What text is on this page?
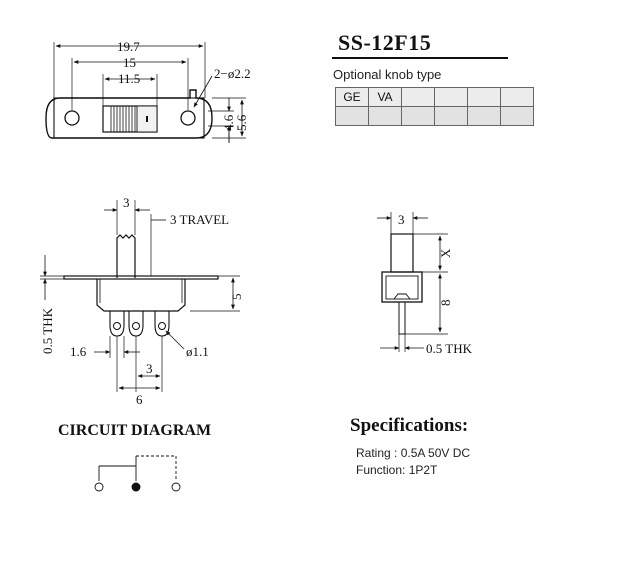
19.7
15
11.5	2−ø2.2
4.6
5.6
3
3 TRAVEL
5
0.5 THK 1.6	ø1.1
3
6
3
X
8
0.5 THK
SS-12F15
Optional knob type
GE	VA				

CIRCUIT DIAGRAM	Specifications:
Rating : 0.5A 50V DC
Function: 1P2T
